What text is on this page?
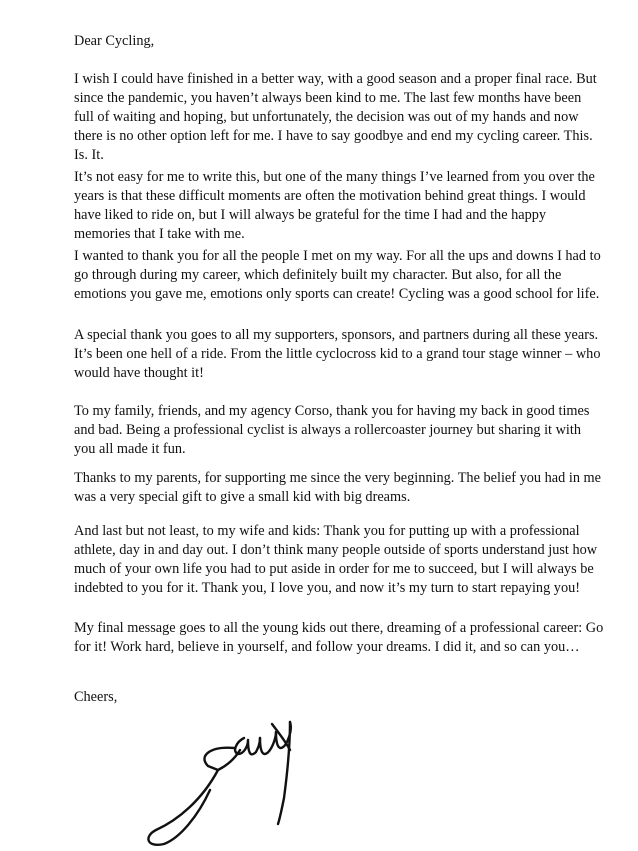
Dear Cycling,

I wish I could have finished in a better way, with a good season and a proper final race. But since the pandemic, you haven’t always been kind to me. The last few months have been full of waiting and hoping, but unfortunately, the decision was out of my hands and now there is no other option left for me. I have to say goodbye and end my cycling career. This. Is. It.

It’s not easy for me to write this, but one of the many things I’ve learned from you over the years is that these difficult moments are often the motivation behind great things. I would have liked to ride on, but I will always be grateful for the time I had and the happy memories that I take with me.

I wanted to thank you for all the people I met on my way. For all the ups and downs I had to go through during my career, which definitely built my character. But also, for all the emotions you gave me, emotions only sports can create! Cycling was a good school for life.

A special thank you goes to all my supporters, sponsors, and partners during all these years. It’s been one hell of a ride. From the little cyclocross kid to a grand tour stage winner – who would have thought it!

To my family, friends, and my agency Corso, thank you for having my back in good times and bad. Being a professional cyclist is always a rollercoaster journey but sharing it with you all made it fun.

Thanks to my parents, for supporting me since the very beginning. The belief you had in me was a very special gift to give a small kid with big dreams.

And last but not least, to my wife and kids: Thank you for putting up with a professional athlete, day in and day out. I don’t think many people outside of sports understand just how much of your own life you had to put aside in order for me to succeed, but I will always be indebted to you for it. Thank you, I love you, and now it’s my turn to start repaying you!

My final message goes to all the young kids out there, dreaming of a professional career: Go for it! Work hard, believe in yourself, and follow your dreams. I did it, and so can you…

Cheers,
